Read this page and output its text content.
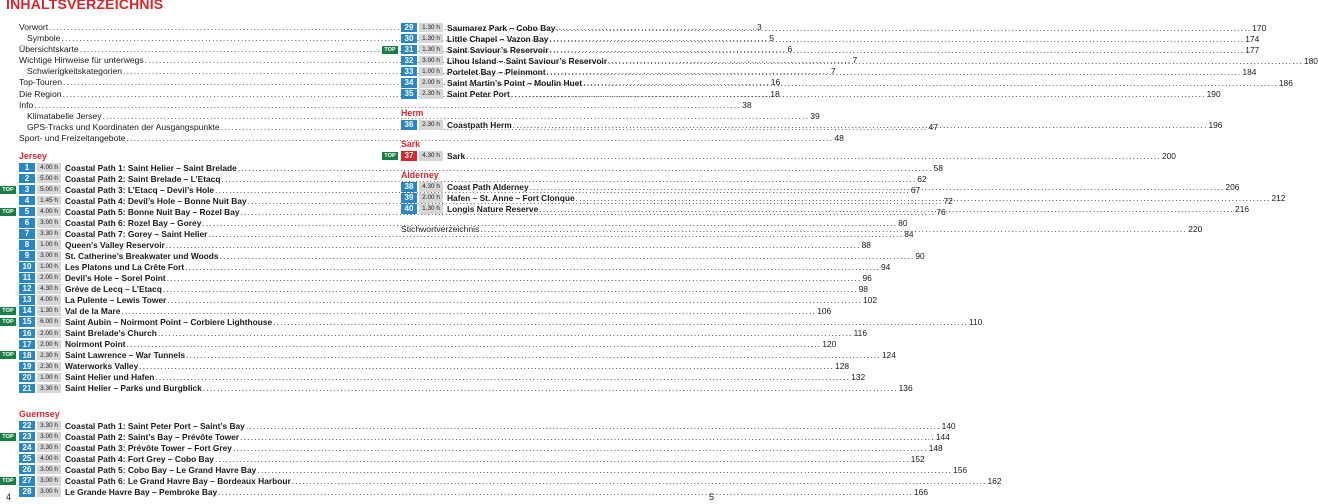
INHALTSVERZEICHNIS
Vorwort .....	3
Symbole .....	5
Übersichtskarte .....	6
Wichtige Hinweise für unterwegs .....	7
Schwierigkeitskategorien .....	7
Top-Touren .....	16
Die Region .....	18
Info .....	38
Klimatabelle Jersey .....	39
GPS-Tracks und Koordinaten der Ausgangspunkte .....	47
Sport- und Freizeitangebote .....	48
Jersey
1	4.00 h Coastal Path 1: Saint Helier – Saint Brelade .....	58
2	5.00 h Coastal Path 2: Saint Brelade – L’Etacq .....	62
TOP	3	5.00 h Coastal Path 3: L’Etacq – Devil’s Hole .....	67
4	1.45 h Coastal Path 4: Devil’s Hole – Bonne Nuit Bay .....	72
TOP	5	4.00 h Coastal Path 5: Bonne Nuit Bay – Rozel Bay .....	76
6	3.00 h Coastal Path 6: Rozel Bay – Gorey .....	80
7	3.30 h Coastal Path 7: Gorey – Saint Helier .....	84
8	1.00 h Queen’s Valley Reservoir .....	88
9	3.00 h St. Catherine’s Breakwater und Woods .....	90
10	1.00 h Les Platons und La Crête Fort .....	94
11	2.00 h Devil’s Hole – Sorel Point .....	96
12	4.30 h Grève de Lecq – L’Etacq .....	98
13	4.00 h La Pulente – Lewis Tower .....	102
TOP	14	1.30 h Val de la Mare .....	106
TOP	15	6.00 h Saint Aubin – Noirmont Point – Corbiere Lighthouse .....	110
16	2.00 h Saint Brelade’s Church .....	116
17	2.00 h Noirmont Point .....	120
TOP	18	2.30 h Saint Lawrence – War Tunnels .....	124
19	2.30 h Waterworks Valley .....	128
20	1.00 h Saint Helier und Hafen .....	132
21	3.30 h Saint Helier – Parks und Burgblick .....	136
Guernsey
22	3.30 h Coastal Path 1: Saint Peter Port – Saint’s Bay .....	140
TOP	23	3.00 h Coastal Path 2: Saint’s Bay – Prévôte Tower .....	144
24	3.30 h Coastal Path 3: Prévôte Tower – Fort Grey .....	148
25	4.00 h Coastal Path 4: Fort Grey – Cobo Bay .....	152
26	3.00 h Coastal Path 5: Cobo Bay – Le Grand Havre Bay .....	156
TOP	27	3.00 h Coastal Path 6: Le Grand Havre Bay – Bordeaux Harbour .....	162
28	3.00 h Le Grande Havre Bay – Pembroke Bay .....	166
29	1.30 h Saumarez Park – Cobo Bay .....	170
30	1.30 h Little Chapel – Vazon Bay .....	174
TOP	31	1.30 h Saint Saviour’s Reservoir .....	177
32	3.00 h Lihou Island – Saint Saviour’s Reservoir .....	180
33	1.00 h Portelet Bay – Pleinmont .....	184
34	2.00 h Saint Martin’s Point – Moulin Huet .....	186
35	2.30 h Saint Peter Port .....	190
Herm
36	2.30 h Coastpath Herm .....	196
Sark
TOP	37	4.30 h Sark .....	200
Alderney
38	4.30 h Coast Path Alderney .....	206
39	2.00 h Hafen – St. Anne – Fort Clonque .....	212
40	1.30 h Longis Nature Reserve .....	216
Stichwortverzeichnis .....	220
4	5
